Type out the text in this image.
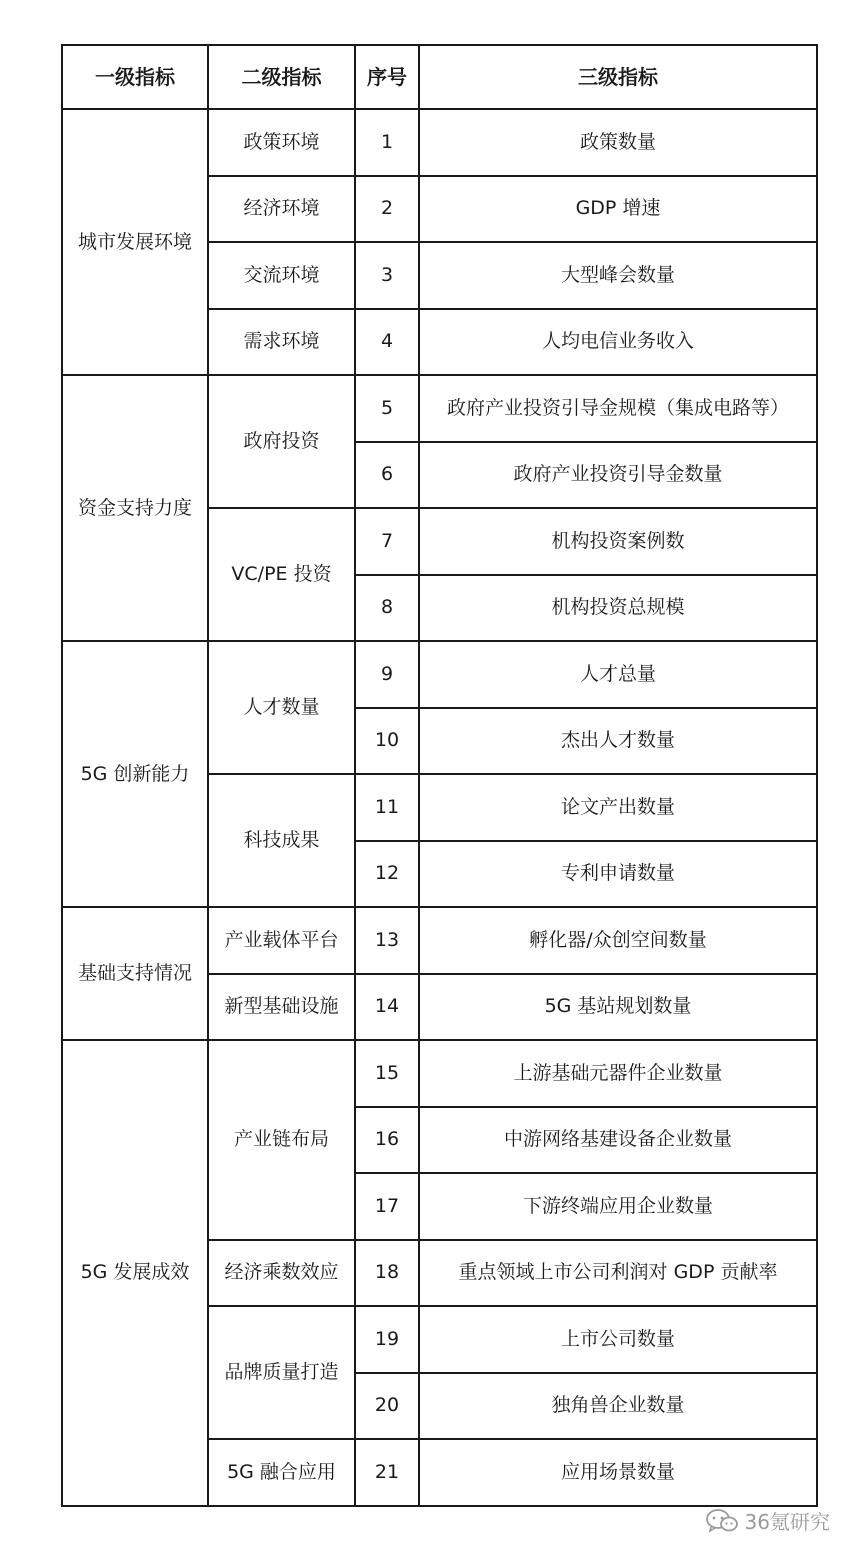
一级指标	二级指标	序号	三级指标
城市发展环境	政策环境	1	政策数量
	经济环境	2	GDP 增速
	交流环境	3	大型峰会数量
	需求环境	4	人均电信业务收入
资金支持力度	政府投资	5	政府产业投资引导金规模（集成电路等）
		6	政府产业投资引导金数量
	VC/PE 投资	7	机构投资案例数
		8	机构投资总规模
5G 创新能力	人才数量	9	人才总量
		10	杰出人才数量
	科技成果	11	论文产出数量
		12	专利申请数量
基础支持情况	产业载体平台	13	孵化器/众创空间数量
	新型基础设施	14	5G 基站规划数量
5G 发展成效	产业链布局	15	上游基础元器件企业数量
		16	中游网络基建设备企业数量
		17	下游终端应用企业数量
	经济乘数效应	18	重点领域上市公司利润对 GDP 贡献率
	品牌质量打造	19	上市公司数量
		20	独角兽企业数量
	5G 融合应用	21	应用场景数量
36氪研究
